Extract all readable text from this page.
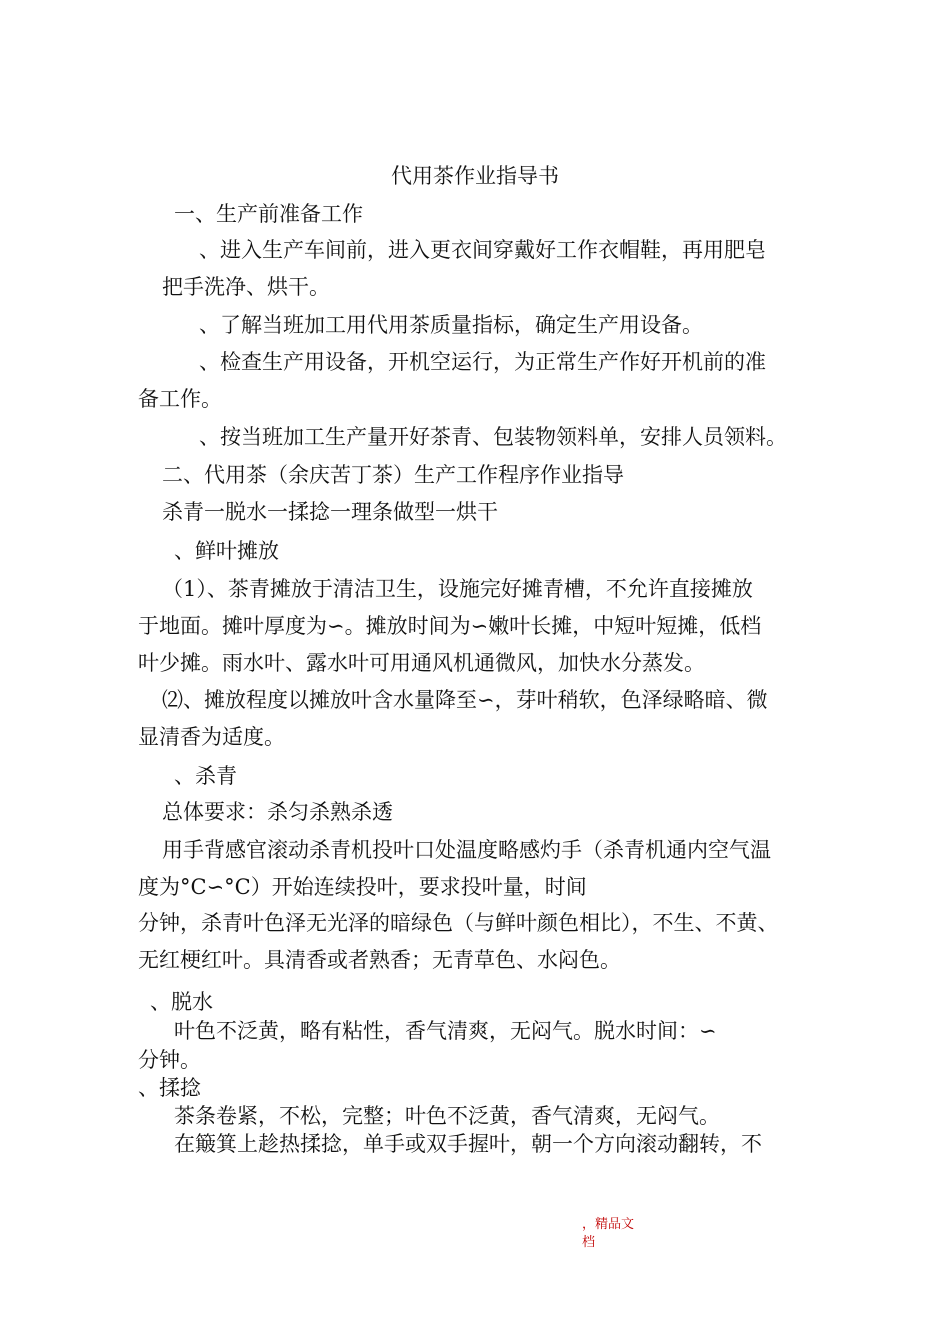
代用茶作业指导书

一、生产前准备工作

、进入生产车间前，进入更衣间穿戴好工作衣帽鞋，再用肥皂

把手洗净、烘干。

、了解当班加工用代用茶质量指标，确定生产用设备。

、检查生产用设备，开机空运行，为正常生产作好开机前的准

备工作。

、按当班加工生产量开好茶青、包装物领料单，安排人员领料。

二、代用茶（余庆苦丁茶）生产工作程序作业指导

杀青一脱水一揉捻一理条做型一烘干

、鲜叶摊放

（1）、茶青摊放于清洁卫生，设施完好摊青槽，不允许直接摊放

于地面。摊叶厚度为∽。摊放时间为∽嫩叶长摊，中短叶短摊，低档

叶少摊。雨水叶、露水叶可用通风机通微风，加快水分蒸发。

⑵、摊放程度以摊放叶含水量降至∽，芽叶稍软，色泽绿略暗、微

显清香为适度。

、杀青

总体要求：杀匀杀熟杀透

用手背感官滚动杀青机投叶口处温度略感灼手（杀青机通内空气温

度为°C∽°C）开始连续投叶，要求投叶量，时间

分钟，杀青叶色泽无光泽的暗绿色（与鲜叶颜色相比），不生、不黄、

无红梗红叶。具清香或者熟香；无青草色、水闷色。

、脱水

叶色不泛黄，略有粘性，香气清爽，无闷气。脱水时间：∽

分钟。

、揉捻

茶条卷紧，不松，完整；叶色不泛黄，香气清爽，无闷气。

在簸箕上趁热揉捻，单手或双手握叶，朝一个方向滚动翻转，不

，精品文

档
